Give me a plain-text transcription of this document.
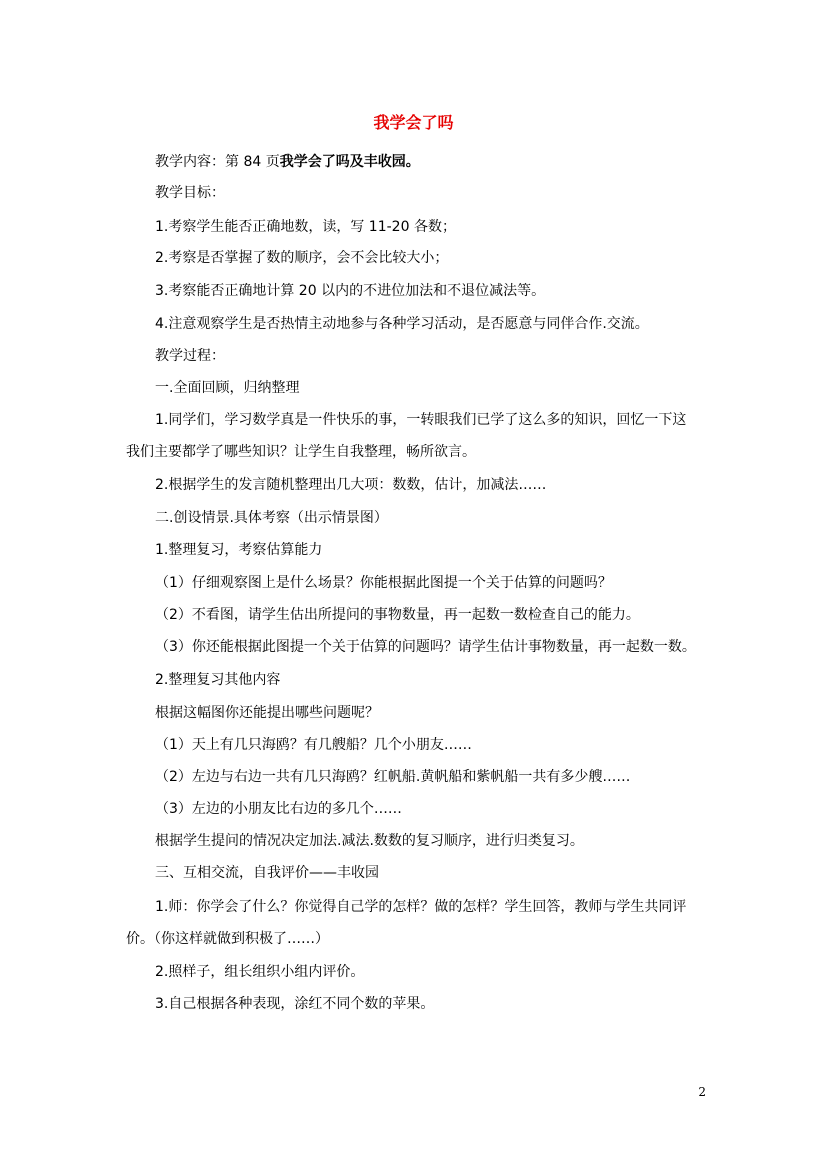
我学会了吗
教学内容：第 84 页我学会了吗及丰收园。
教学目标：
1.考察学生能否正确地数，读，写 11-20 各数；
2.考察是否掌握了数的顺序，会不会比较大小；
3.考察能否正确地计算 20 以内的不进位加法和不退位减法等。
4.注意观察学生是否热情主动地参与各种学习活动，是否愿意与同伴合作.交流。
教学过程：
一.全面回顾，归纳整理
1.同学们，学习数学真是一件快乐的事，一转眼我们已学了这么多的知识，回忆一下这
我们主要都学了哪些知识？让学生自我整理，畅所欲言。
2.根据学生的发言随机整理出几大项：数数，估计，加减法……
二.创设情景.具体考察（出示情景图）
1.整理复习，考察估算能力
（1）仔细观察图上是什么场景？你能根据此图提一个关于估算的问题吗？
（2）不看图，请学生估出所提问的事物数量，再一起数一数检查自己的能力。
（3）你还能根据此图提一个关于估算的问题吗？请学生估计事物数量，再一起数一数。
2.整理复习其他内容
根据这幅图你还能提出哪些问题呢？
（1）天上有几只海鸥？有几艘船？几个小朋友……
（2）左边与右边一共有几只海鸥？红帆船.黄帆船和紫帆船一共有多少艘……
（3）左边的小朋友比右边的多几个……
根据学生提问的情况决定加法.减法.数数的复习顺序，进行归类复习。
三、互相交流，自我评价——丰收园
1.师：你学会了什么？你觉得自己学的怎样？做的怎样？学生回答，教师与学生共同评
价。（你这样就做到积极了……）
2.照样子，组长组织小组内评价。
3.自己根据各种表现，涂红不同个数的苹果。
2
